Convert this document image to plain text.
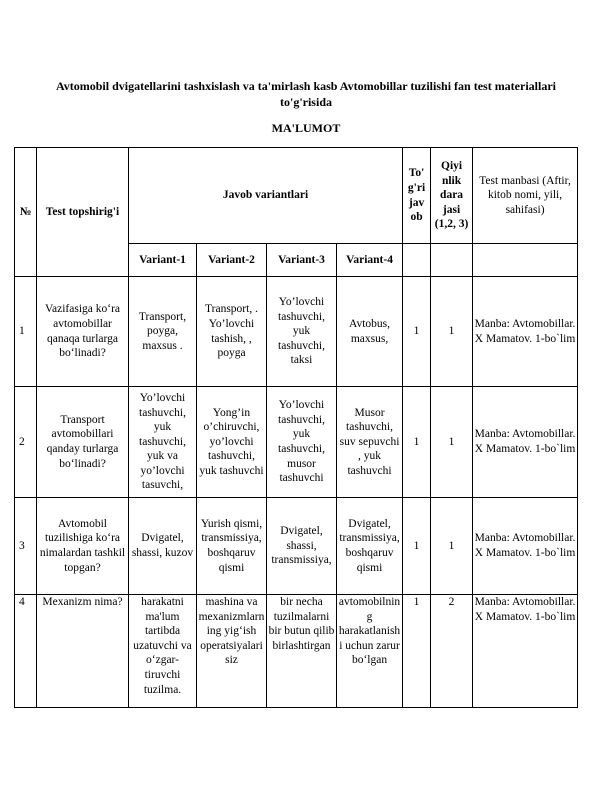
Avtomobil dvigatellarini tashxislash va ta'mirlash kasb Avtomobillar tuzilishi fan test materiallari to'g'risida
MA'LUMOT
№	Test topshirig'i	Javob variantlari				To' g'ri jav ob	Qiyi nlik dara jasi (1,2, 3)	Test manbasi (Aftir, kitob nomi, yili, sahifasi)
		Variant-1	Variant-2	Variant-3	Variant-4			
1	Vazifasiga ko‘ra avtomobillar qanaqa turlarga bo‘linadi?	Transport, poyga, maxsus .	Transport, . Yo’lovchi tashish, , poyga	Yo’lovchi tashuvchi, yuk tashuvchi, taksi	Avtobus, maxsus,	1	1	Manba: Avtomobillar. X Mamatov. 1-bo`lim
2	Transport avtomobillari qanday turlarga bo‘linadi?	Yo’lovchi tashuvchi, yuk tashuvchi, yuk va yo’lovchi tasuvchi,	Yong’in o’chiruvchi, yo’lovchi tashuvchi, yuk tashuvchi	Yo’lovchi tashuvchi, yuk tashuvchi, musor tashuvchi	Musor tashuvchi, suv sepuvchi , yuk tashuvchi	1	1	Manba: Avtomobillar. X Mamatov. 1-bo`lim
3	Avtomobil tuzilishiga ko‘ra nimalardan tashkil topgan?	Dvigatel, shassi, kuzov	Yurish qismi, transmissiya, boshqaruv qismi	Dvigatel, shassi, transmissiya,	Dvigatel, transmissiya, boshqaruv qismi	1	1	Manba: Avtomobillar. X Mamatov. 1-bo`lim
4	Mexanizm nima?	harakatni ma'lum tartibda uzatuvchi va o‘zgar-tiruvchi tuzilma.	mashina va mexanizmlarning yig‘ish operatsiyalarisiz	bir necha tuzilmalarni bir butun qilib birlashtirgan	avtomobilning harakatlanishi uchun zarur bo‘lgan	1	2	Manba: Avtomobillar. X Mamatov. 1-bo`lim
